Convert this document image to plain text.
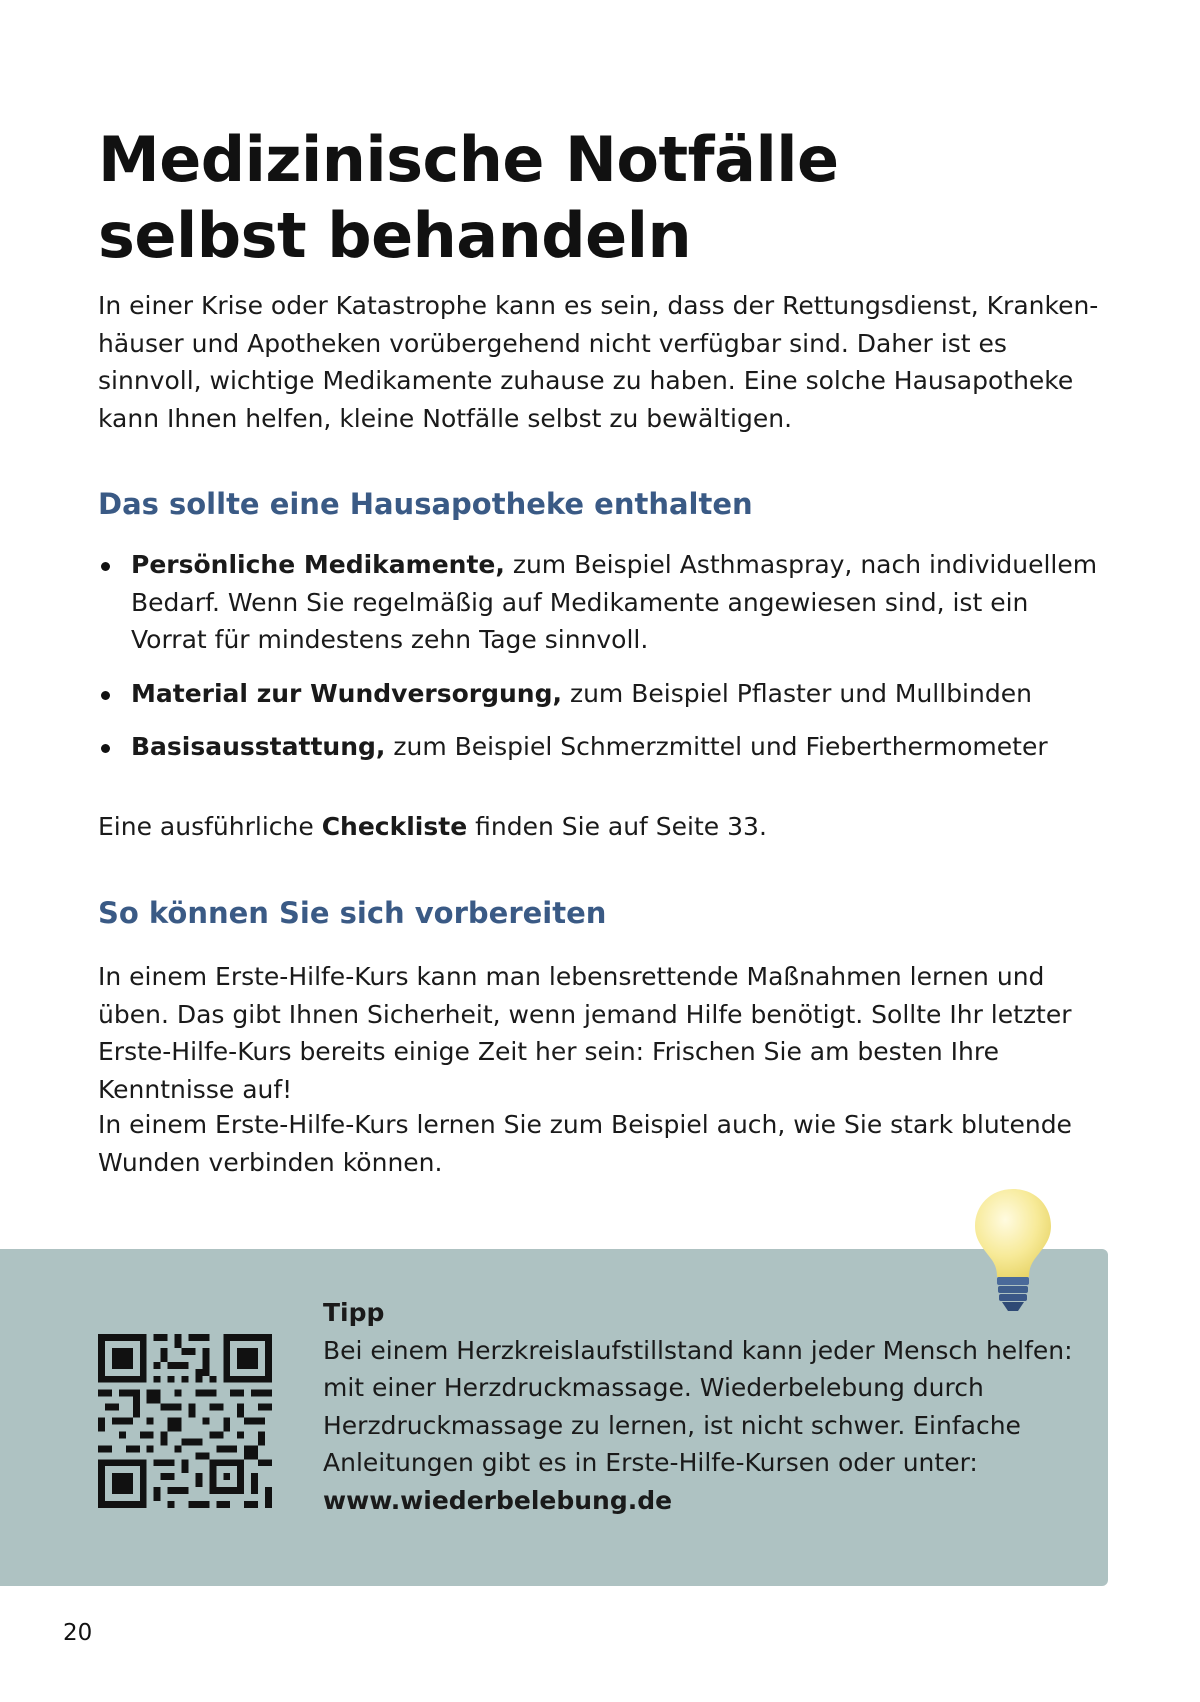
Medizinische Notfälle
selbst behandeln

In einer Krise oder Katastrophe kann es sein, dass der Rettungsdienst, Krankenhäuser und Apotheken vorübergehend nicht verfügbar sind. Daher ist es sinnvoll, wichtige Medikamente zuhause zu haben. Eine solche Hausapotheke kann Ihnen helfen, kleine Notfälle selbst zu bewältigen.

Das sollte eine Hausapotheke enthalten
Persönliche Medikamente, zum Beispiel Asthmaspray, nach individuellem Bedarf. Wenn Sie regelmäßig auf Medikamente angewiesen sind, ist ein Vorrat für mindestens zehn Tage sinnvoll.
Material zur Wundversorgung, zum Beispiel Pflaster und Mullbinden
Basisausstattung, zum Beispiel Schmerzmittel und Fieberthermometer

Eine ausführliche Checkliste finden Sie auf Seite 33.

So können Sie sich vorbereiten

In einem Erste-Hilfe-Kurs kann man lebensrettende Maßnahmen lernen und üben. Das gibt Ihnen Sicherheit, wenn jemand Hilfe benötigt. Sollte Ihr letzter Erste-Hilfe-Kurs bereits einige Zeit her sein: Frischen Sie am besten Ihre Kenntnisse auf!

In einem Erste-Hilfe-Kurs lernen Sie zum Beispiel auch, wie Sie stark blutende Wunden verbinden können.

Tipp

Bei einem Herzkreislaufstillstand kann jeder Mensch helfen: mit einer Herzdruckmassage. Wiederbelebung durch Herzdruckmassage zu lernen, ist nicht schwer. Einfache Anleitungen gibt es in Erste-Hilfe-Kursen oder unter:

www.wiederbelebung.de

20
